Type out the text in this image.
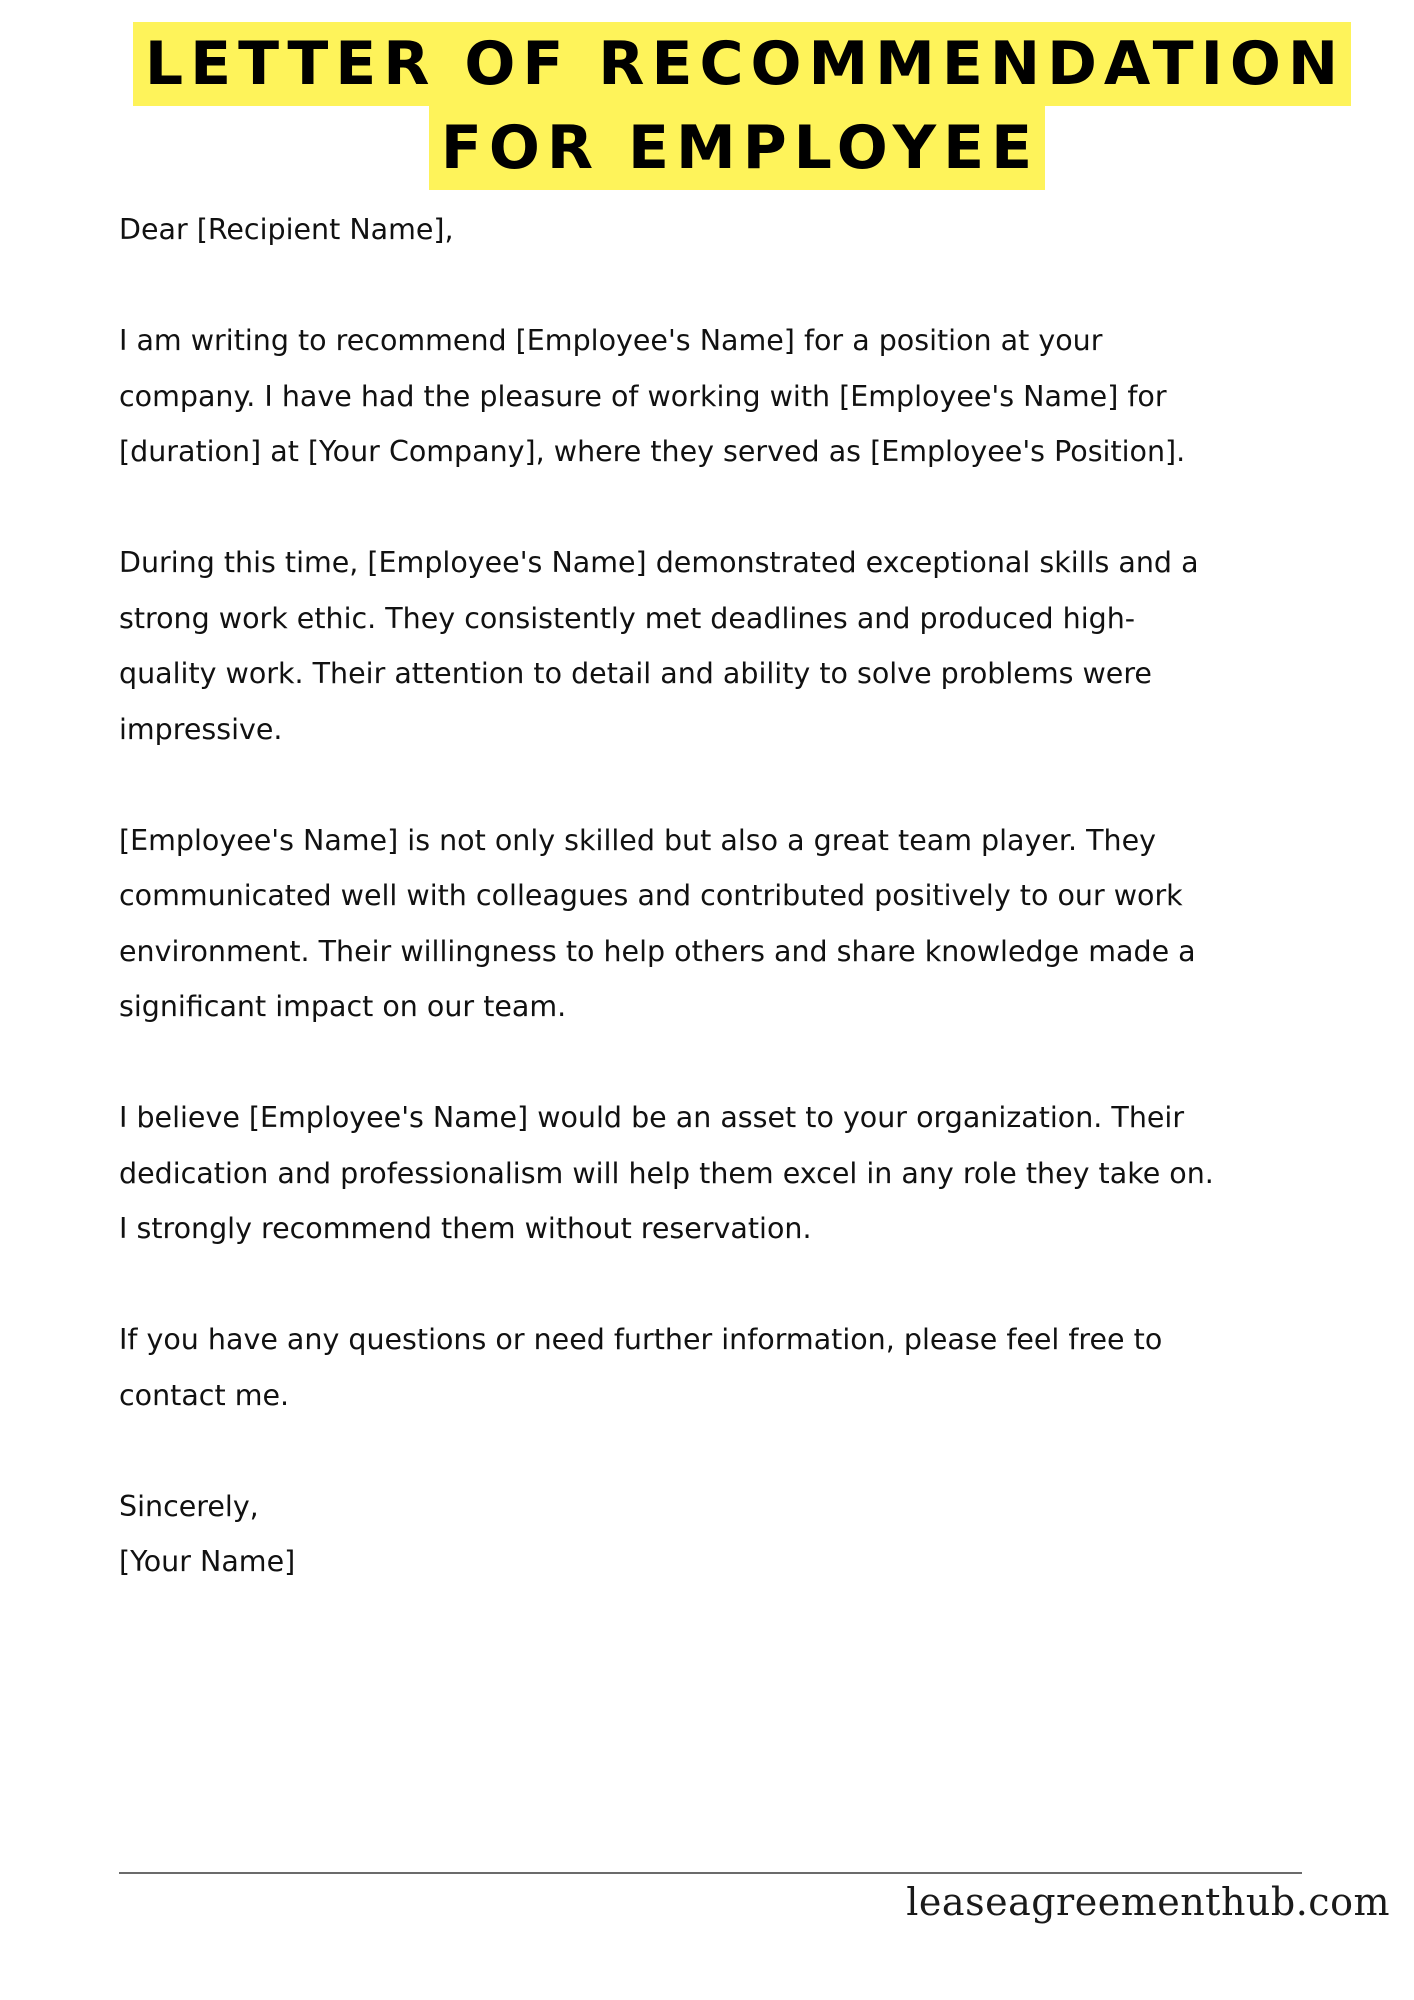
LETTER OF RECOMMENDATION
FOR EMPLOYEE

Dear [Recipient Name],

I am writing to recommend [Employee's Name] for a position at your
company. I have had the pleasure of working with [Employee's Name] for
[duration] at [Your Company], where they served as [Employee's Position].

During this time, [Employee's Name] demonstrated exceptional skills and a
strong work ethic. They consistently met deadlines and produced high-
quality work. Their attention to detail and ability to solve problems were
impressive.

[Employee's Name] is not only skilled but also a great team player. They
communicated well with colleagues and contributed positively to our work
environment. Their willingness to help others and share knowledge made a
significant impact on our team.

I believe [Employee's Name] would be an asset to your organization. Their
dedication and professionalism will help them excel in any role they take on.
I strongly recommend them without reservation.

If you have any questions or need further information, please feel free to
contact me.

Sincerely,

[Your Name]

leaseagreementhub.com
